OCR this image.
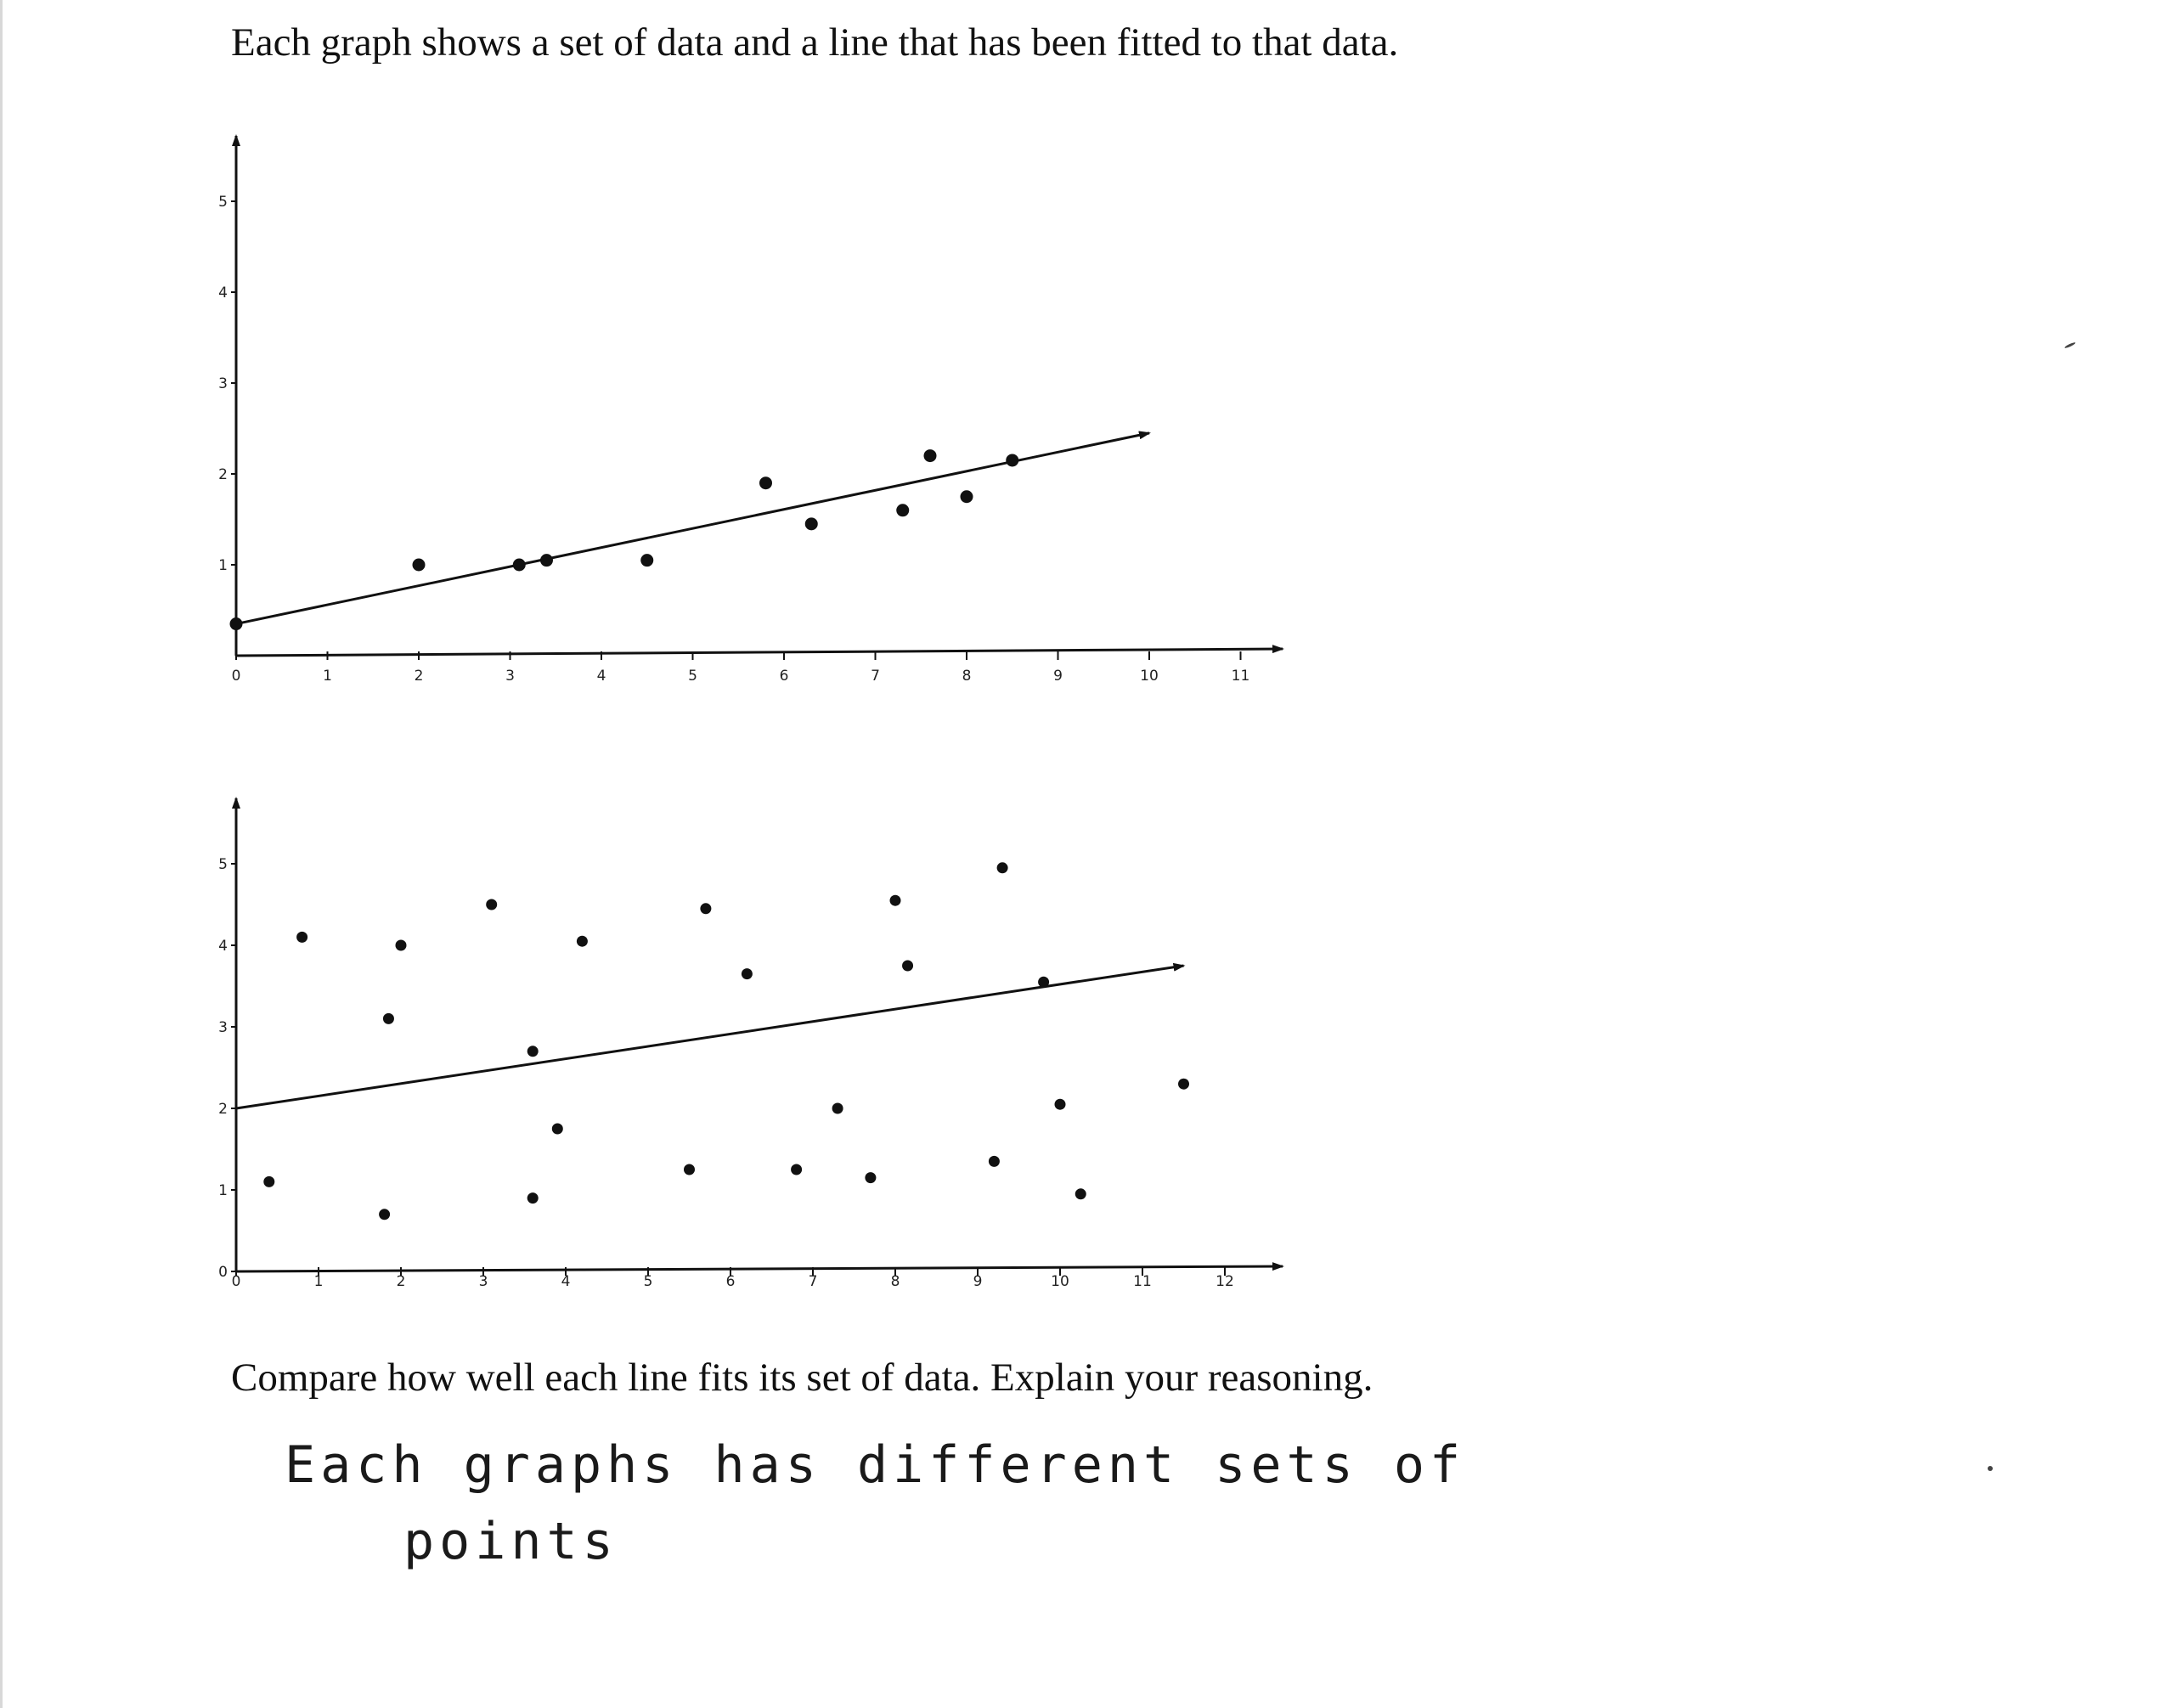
Each graph shows a set of data and a line that has been fitted to that data.
0	1	2	3	4	5	6	7	8	9	10	11
1
2
3
4
5
0	1	2	3	4	5	6	7	8	9	10	11	12
0
1
2
3
4
5
Compare how well each line fits its set of data. Explain your reasoning.
Each graphs has different sets of
points
